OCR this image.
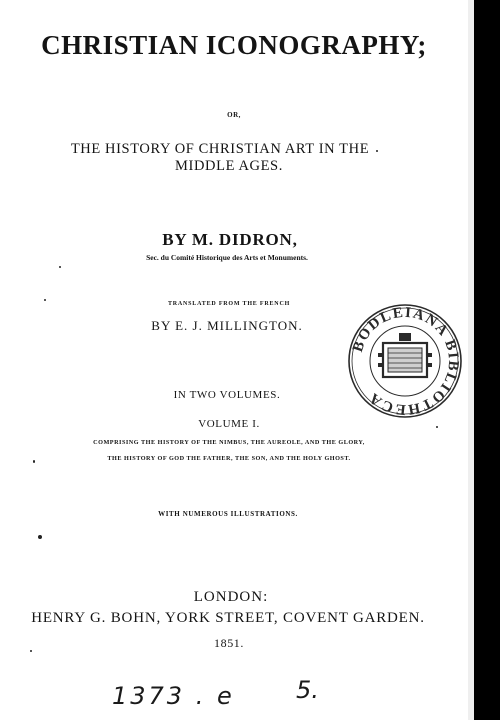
CHRISTIAN ICONOGRAPHY;

OR,

THE HISTORY OF CHRISTIAN ART IN THE

MIDDLE AGES.

BY M. DIDRON,

Sec. du Comité Historique des Arts et Monuments.

TRANSLATED FROM THE FRENCH

BY E. J. MILLINGTON.

IN TWO VOLUMES.

VOLUME I.

COMPRISING THE HISTORY OF THE NIMBUS, THE AUREOLE, AND THE GLORY,

THE HISTORY OF GOD THE FATHER, THE SON, AND THE HOLY GHOST.

WITH NUMEROUS ILLUSTRATIONS.

LONDON:

HENRY G. BOHN, YORK STREET, COVENT GARDEN.

1851.

BODLEIANA BIBLIOTHECA
1373 . e	5.
